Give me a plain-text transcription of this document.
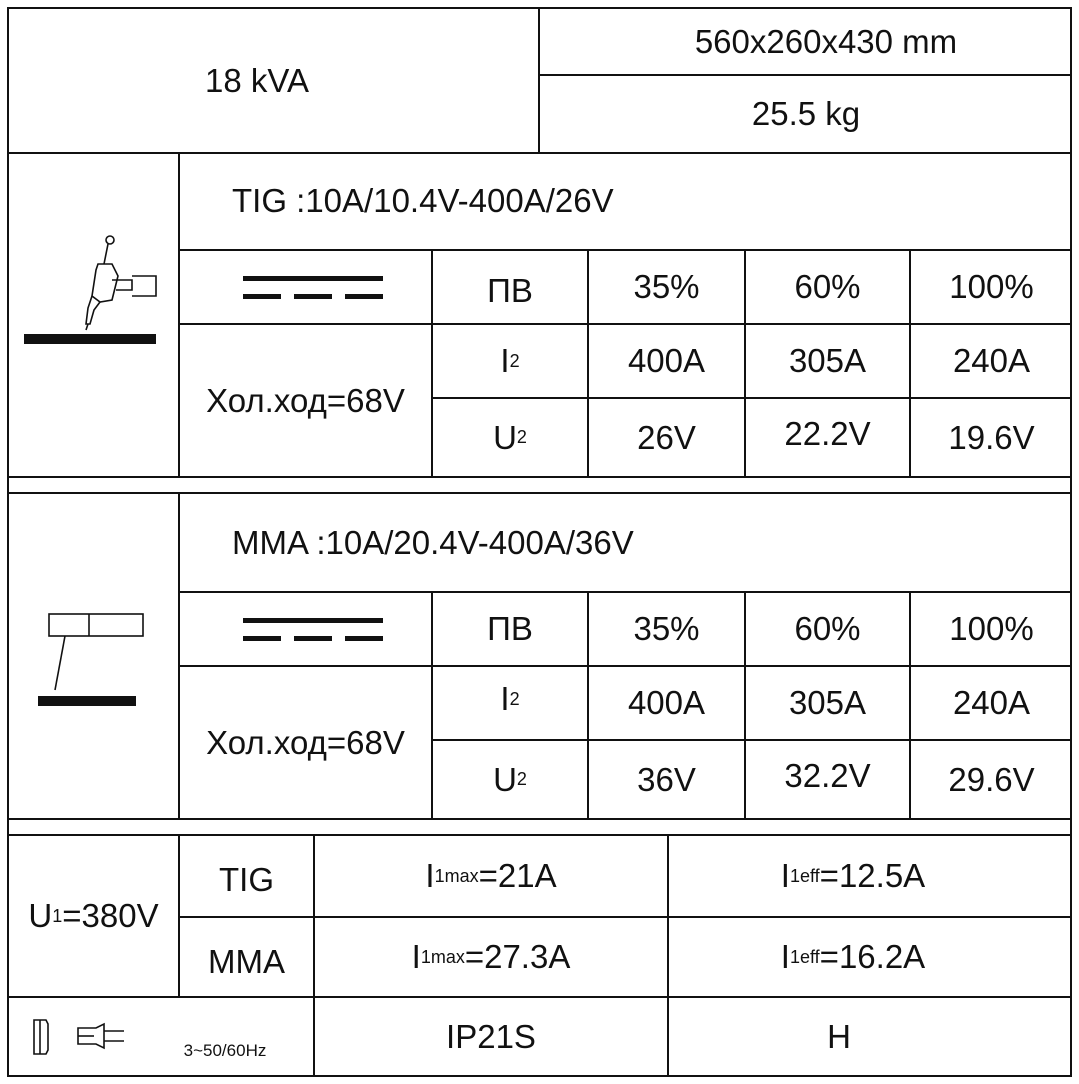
18 kVA
560x260x430 mm
25.5 kg
TIG :10A/10.4V-400A/26V
ПВ	35%	60%	100%
Хол.ход=68V
I 2	400A	305A	240A
U 2	26V	22.2V	19.6V
MMA :10A/20.4V-400A/36V
ПВ	35%	60%	100%
Хол.ход=68V
I 2	400A	305A	240A
U 2	36V	32.2V	29.6V
U 1 =380V
TIG	I 1max =21A	I 1eff =12.5A
MMA	I 1max =27.3A	I 1eff =16.2A
3~50/60Hz	IP21S	H
